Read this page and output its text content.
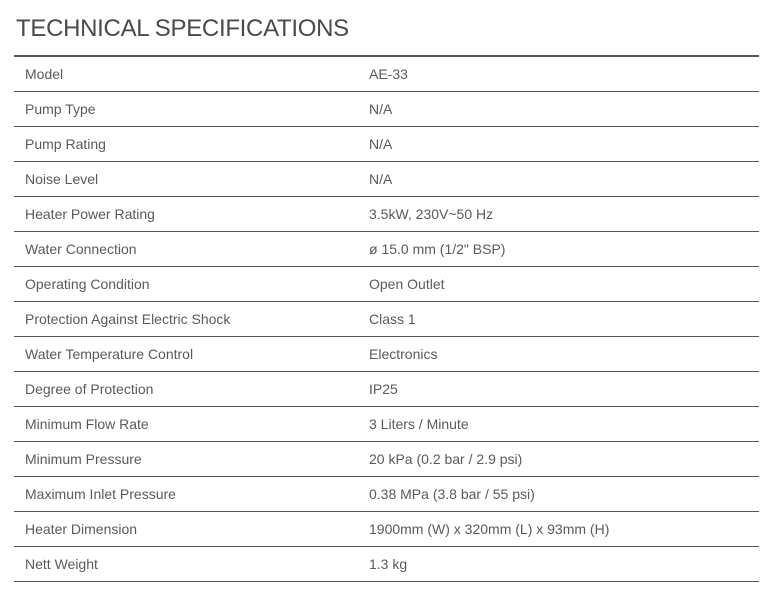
TECHNICAL SPECIFICATIONS
Model	AE-33
Pump Type	N/A
Pump Rating	N/A
Noise Level	N/A
Heater Power Rating	3.5kW, 230V~50 Hz
Water Connection	ø 15.0 mm (1/2" BSP)
Operating Condition	Open Outlet
Protection Against Electric Shock	Class 1
Water Temperature Control	Electronics
Degree of Protection	IP25
Minimum Flow Rate	3 Liters / Minute
Minimum Pressure	20 kPa (0.2 bar / 2.9 psi)
Maximum Inlet Pressure	0.38 MPa (3.8 bar / 55 psi)
Heater Dimension	1900mm (W) x 320mm (L) x 93mm (H)
Nett Weight	1.3 kg
